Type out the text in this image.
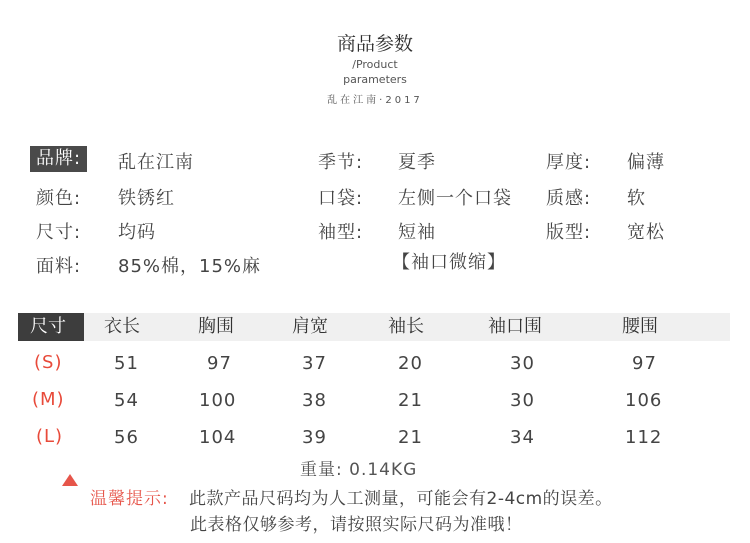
商品参数
/Product
parameters
乱在江南·2017
品牌:	乱在江南	季节: 夏季	厚度: 偏薄
颜色: 铁锈红	口袋: 左侧一个口袋 质感: 软
尺寸: 均码	袖型: 短袖	版型: 宽松
面料: 85%棉，15%麻	【袖口微缩】
尺寸 衣长	胸围	肩宽	袖长	袖口围	腰围
(S)	51	97	37	20	30	97
(M)	54	100	38	21	30	106
(L)	56	104	39	21	34	112
重量: 0.14KG
温馨提示: 此款产品尺码均为人工测量，可能会有2-4cm的误差。
此表格仅够参考，请按照实际尺码为准哦！
